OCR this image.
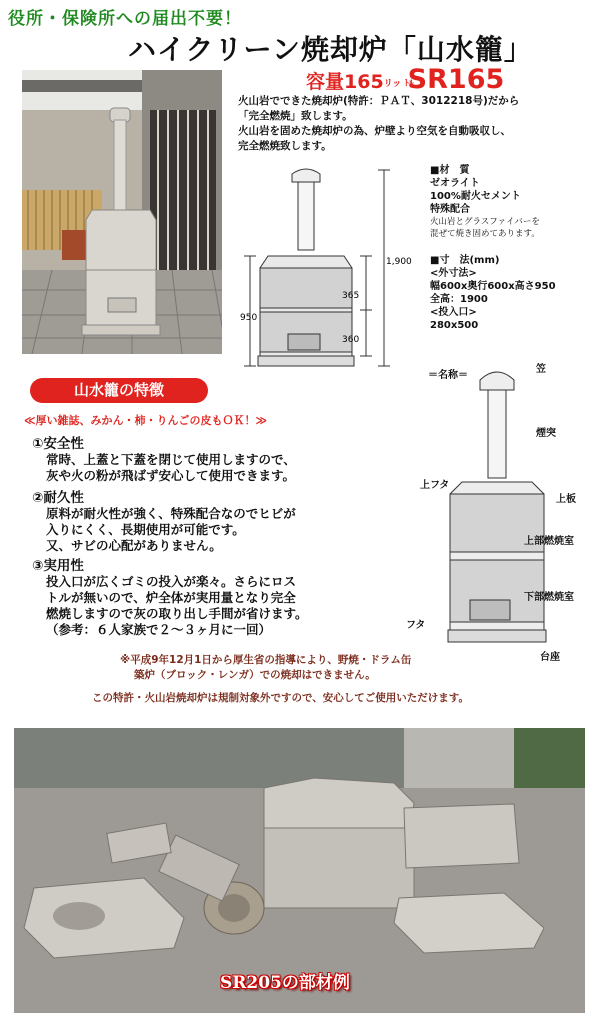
役所・保険所への届出不要！
ハイクリーン焼却炉「山水籠」
容量165リッ ﾄﾙSR165
火山岩でできた焼却炉(特許：ＰＡＴ、3012218号)だから
「完全燃焼」致します。
火山岩を固めた焼却炉の為、炉壁より空気を自動吸収し、
完全燃焼致します。
1,900
365
360
950
■材　質
ゼオライト
100%耐火セメント
特殊配合
火山岩とグラスファイバーを
混ぜて焼き固めてあります。
■寸　法(mm)
<外寸法>
幅600x奥行600x高さ950
全高：1900
<投入口>
280x500
山水籠の特徴
≪厚い雑誌、みかん・柿・りんごの皮もＯＫ！≫
①安全性
常時、上蓋と下蓋を閉じて使用しますので、
灰や火の粉が飛ばず安心して使用できます。
②耐久性
原料が耐火性が強く、特殊配合なのでヒビが
入りにくく、長期使用が可能です。
又、サビの心配がありません。
③実用性
投入口が広くゴミの投入が楽々。さらにロス
トルが無いので、炉全体が実用量となり完全
燃焼しますので灰の取り出し手間が省けます。
（参考：６人家族で２～３ヶ月に一回）
＝名称＝
笠
煙突
上フタ
上板
上部燃焼室
下部燃焼室
フタ
台座
※平成9年12月1日から厚生省の指導により、野焼・ドラム缶
築炉（ブロック・レンガ）での焼却はできません。
この特許・火山岩焼却炉は規制対象外ですので、安心してご使用いただけます。
SR205の部材例
